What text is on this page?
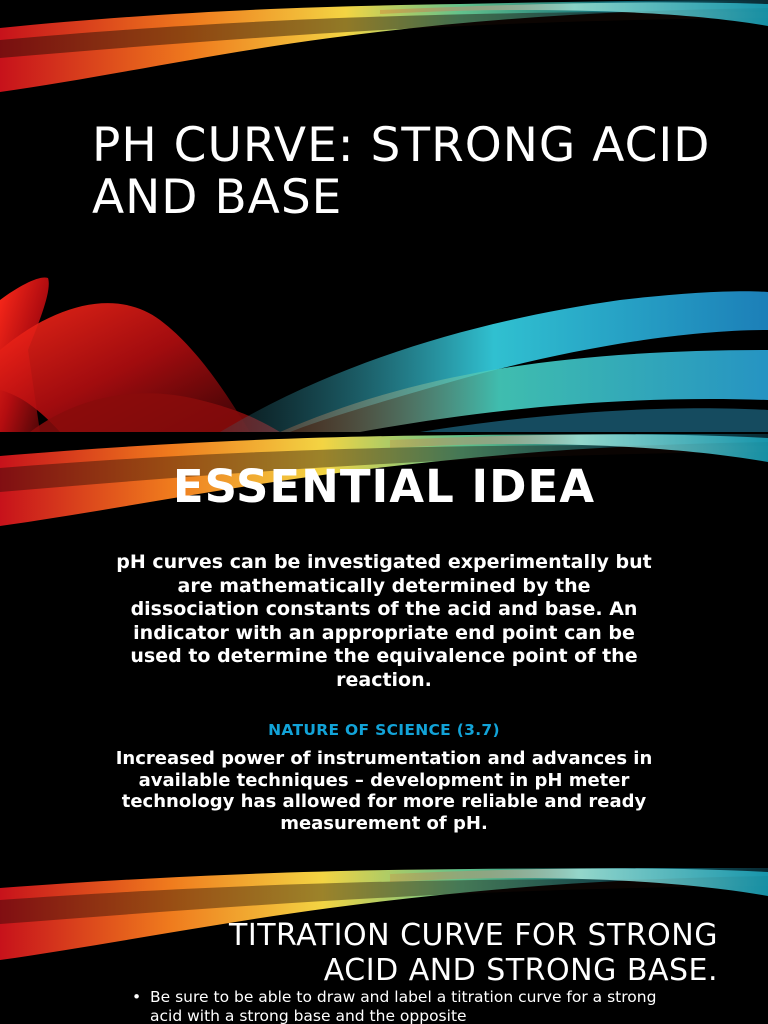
PH CURVE: STRONG ACID AND BASE
ESSENTIAL IDEA

pH curves can be investigated experimentally but are mathematically determined by the dissociation constants of the acid and base. An indicator with an appropriate end point can be used to determine the equivalence point of the reaction.

NATURE OF SCIENCE (3.7)

Increased power of instrumentation and advances in available techniques – development in pH meter technology has allowed for more reliable and ready measurement of pH.

TITRATION CURVE FOR STRONG ACID AND STRONG BASE.
• Be sure to be able to draw and label a titration curve for a strong acid with a strong base and the opposite
